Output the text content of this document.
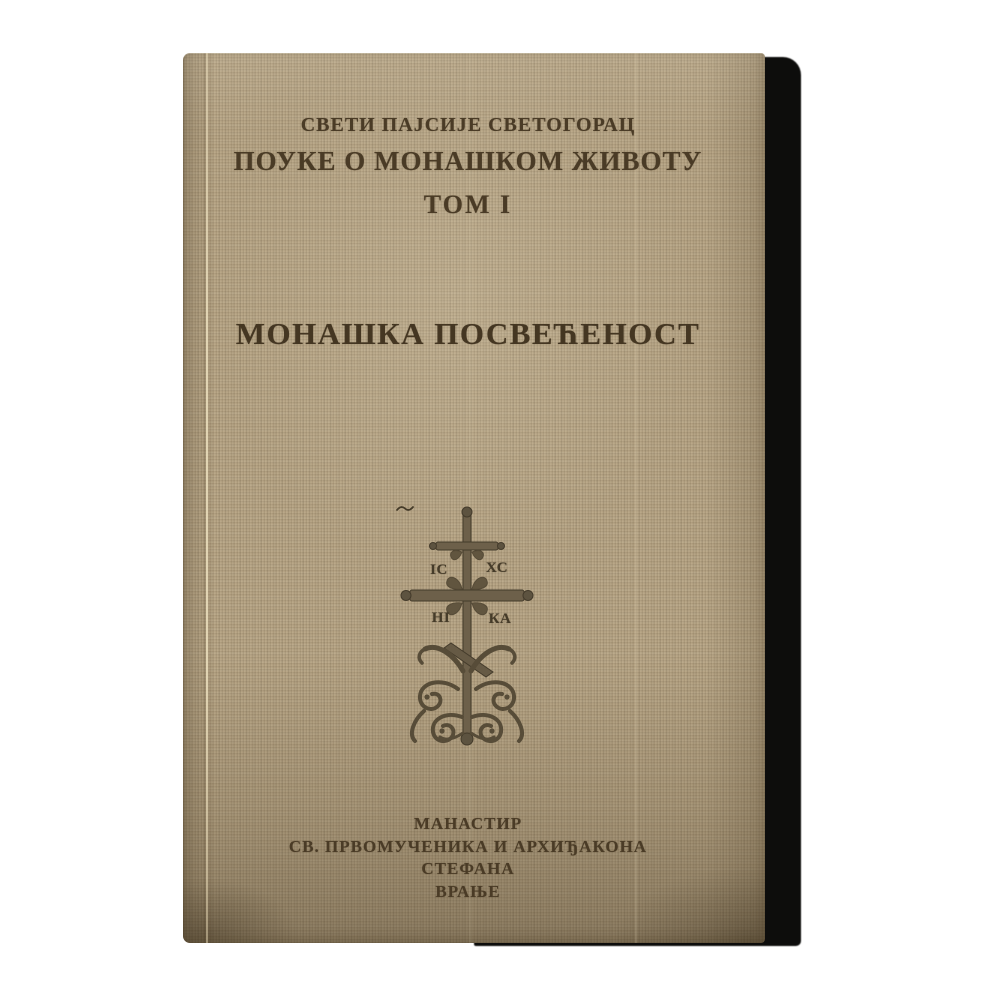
СВЕТИ ПАЈСИЈЕ СВЕТОГОРАЦ
ПОУКЕ О МОНАШКОМ ЖИВОТУ
ТОМ I
МОНАШКА ПОСВЕЋЕНОСТ
ІС	ХС
НІ	КА
МАНАСТИР
СВ. ПРВОМУЧЕНИКА И АРХИЂАКОНА
СТЕФАНА
ВРАЊЕ
